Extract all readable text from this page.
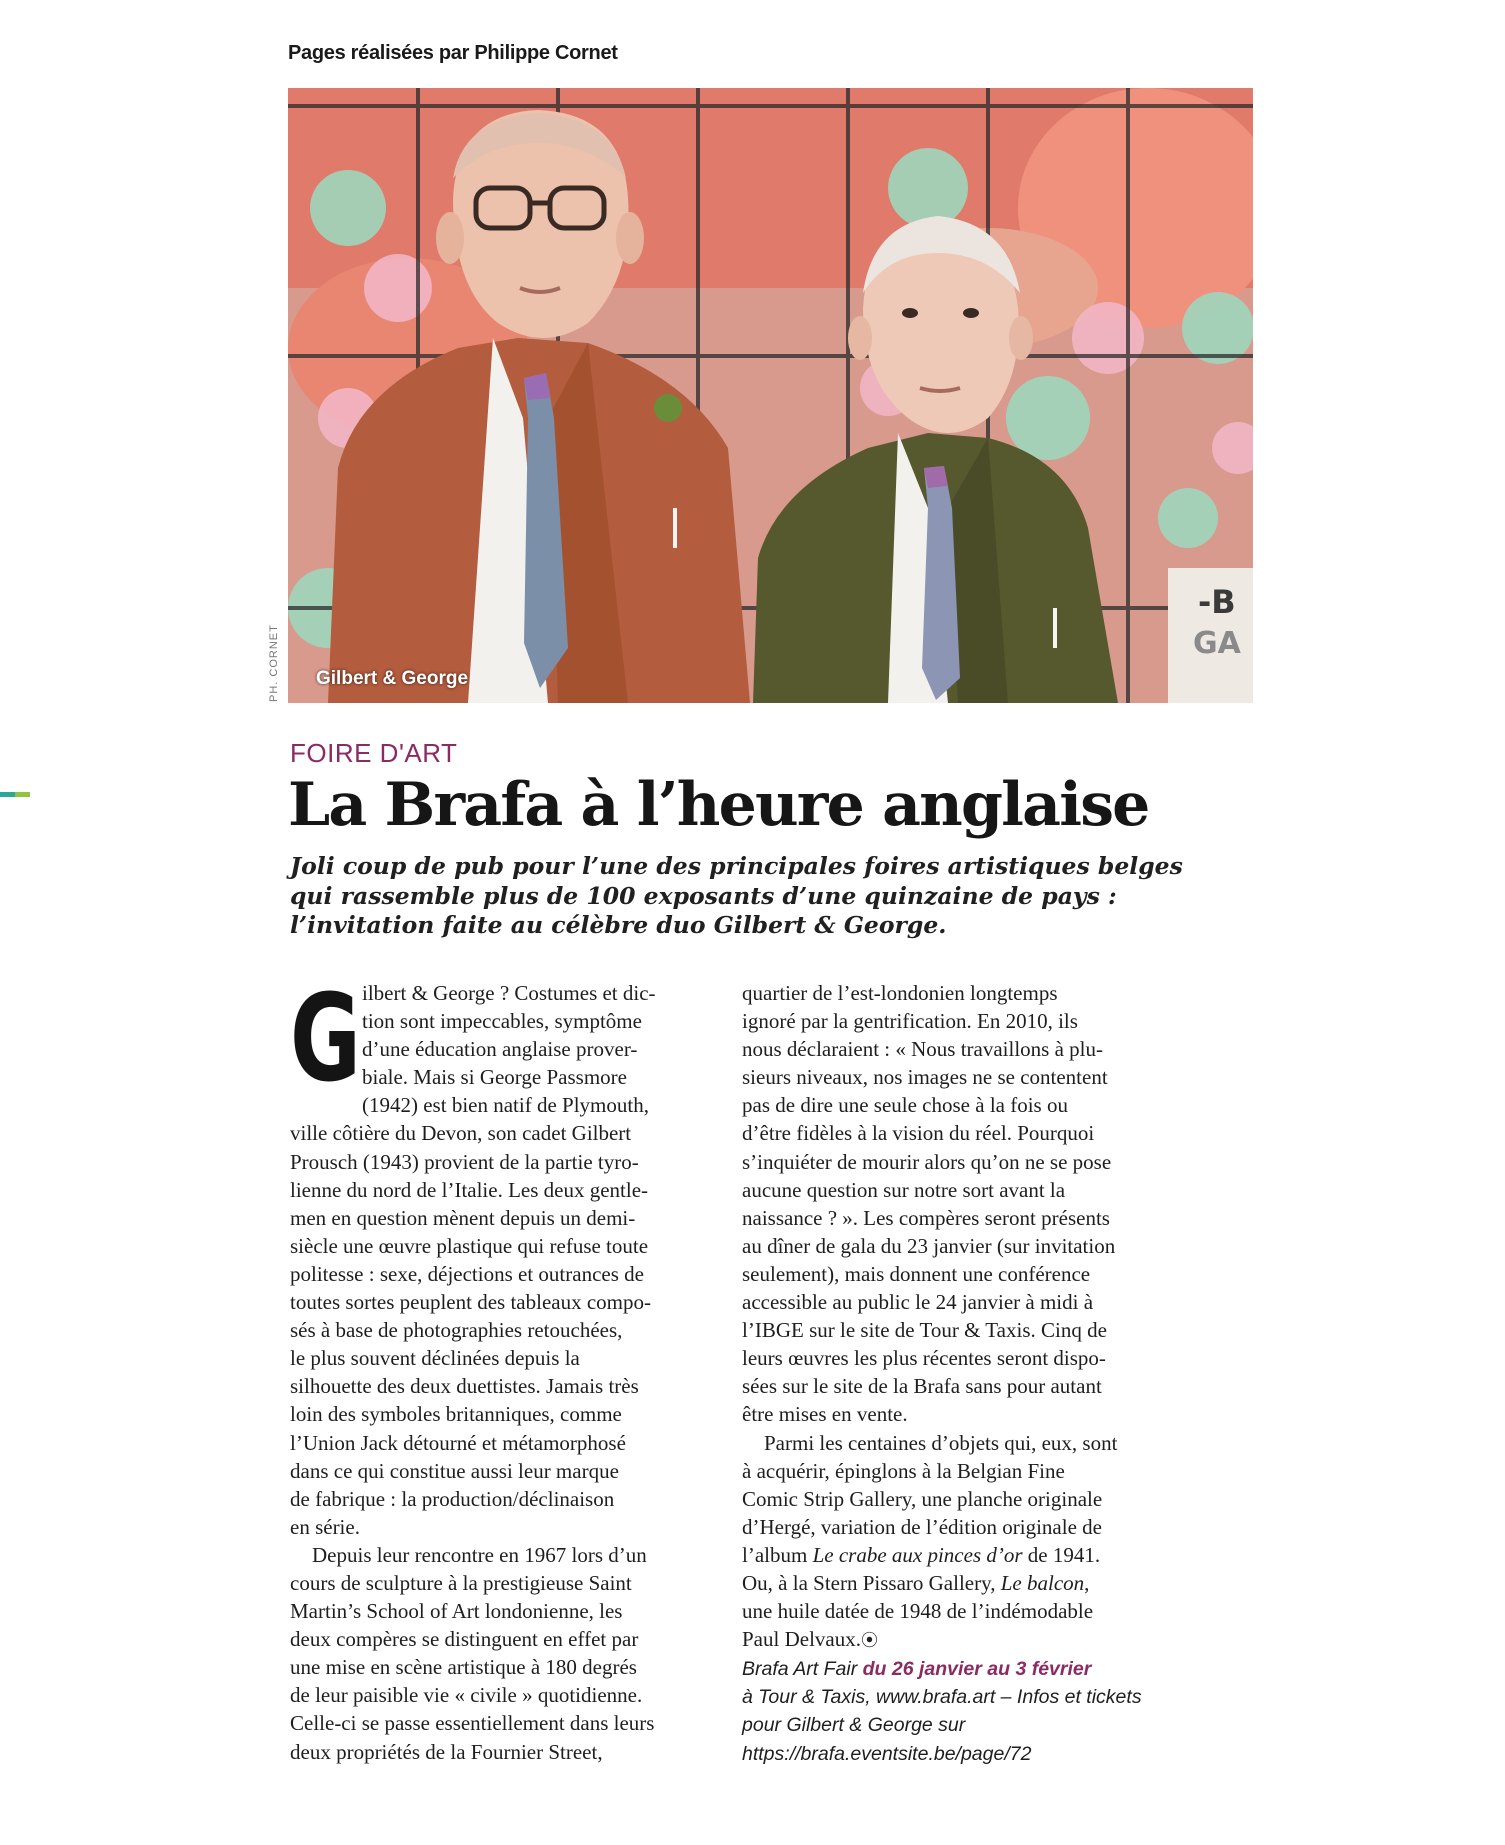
Pages réalisées par Philippe Cornet
-B
GA
PH. CORNET Gilbert & George
FOIRE D'ART
La Brafa à l’heure anglaise

Joli coup de pub pour l’une des principales foires artistiques belges
qui rassemble plus de 100 exposants d’une quinzaine de pays :
l’invitation faite au célèbre duo Gilbert & George.

G ilbert & George ? Costumes et dic-
tion sont impeccables, symptôme
d’une éducation anglaise prover-
biale. Mais si George Passmore
(1942) est bien natif de Plymouth,
ville côtière du Devon, son cadet Gilbert
Prousch (1943) provient de la partie tyro-
lienne du nord de l’Italie. Les deux gentle-
men en question mènent depuis un demi-
siècle une œuvre plastique qui refuse toute
politesse : sexe, déjections et outrances de
toutes sortes peuplent des tableaux compo-
sés à base de photographies retouchées,
le plus souvent déclinées depuis la
silhouette des deux duettistes. Jamais très
loin des symboles britanniques, comme
l’Union Jack détourné et métamorphosé
dans ce qui constitue aussi leur marque
de fabrique : la production/déclinaison
en série.
Depuis leur rencontre en 1967 lors d’un
cours de sculpture à la prestigieuse Saint
Martin’s School of Art londonienne, les
deux compères se distinguent en effet par
une mise en scène artistique à 180 degrés
de leur paisible vie « civile » quotidienne.
Celle-ci se passe essentiellement dans leurs
deux propriétés de la Fournier Street,
quartier de l’est-londonien longtemps
ignoré par la gentrification. En 2010, ils
nous déclaraient : « Nous travaillons à plu-
sieurs niveaux, nos images ne se contentent
pas de dire une seule chose à la fois ou
d’être fidèles à la vision du réel. Pourquoi
s’inquiéter de mourir alors qu’on ne se pose
aucune question sur notre sort avant la
naissance ? ». Les compères seront présents
au dîner de gala du 23 janvier (sur invitation
seulement), mais donnent une conférence
accessible au public le 24 janvier à midi à
l’IBGE sur le site de Tour & Taxis. Cinq de
leurs œuvres les plus récentes seront dispo-
sées sur le site de la Brafa sans pour autant
être mises en vente.
Parmi les centaines d’objets qui, eux, sont
à acquérir, épinglons à la Belgian Fine
Comic Strip Gallery, une planche originale
d’Hergé, variation de l’édition originale de
l’album Le crabe aux pinces d’or de 1941.
Ou, à la Stern Pissaro Gallery, Le balcon,
une huile datée de 1948 de l’indémodable
Paul Delvaux.⦿
Brafa Art Fair du 26 janvier au 3 février
à Tour & Taxis, www.brafa.art – Infos et tickets
pour Gilbert & George sur
https://brafa.eventsite.be/page/72
